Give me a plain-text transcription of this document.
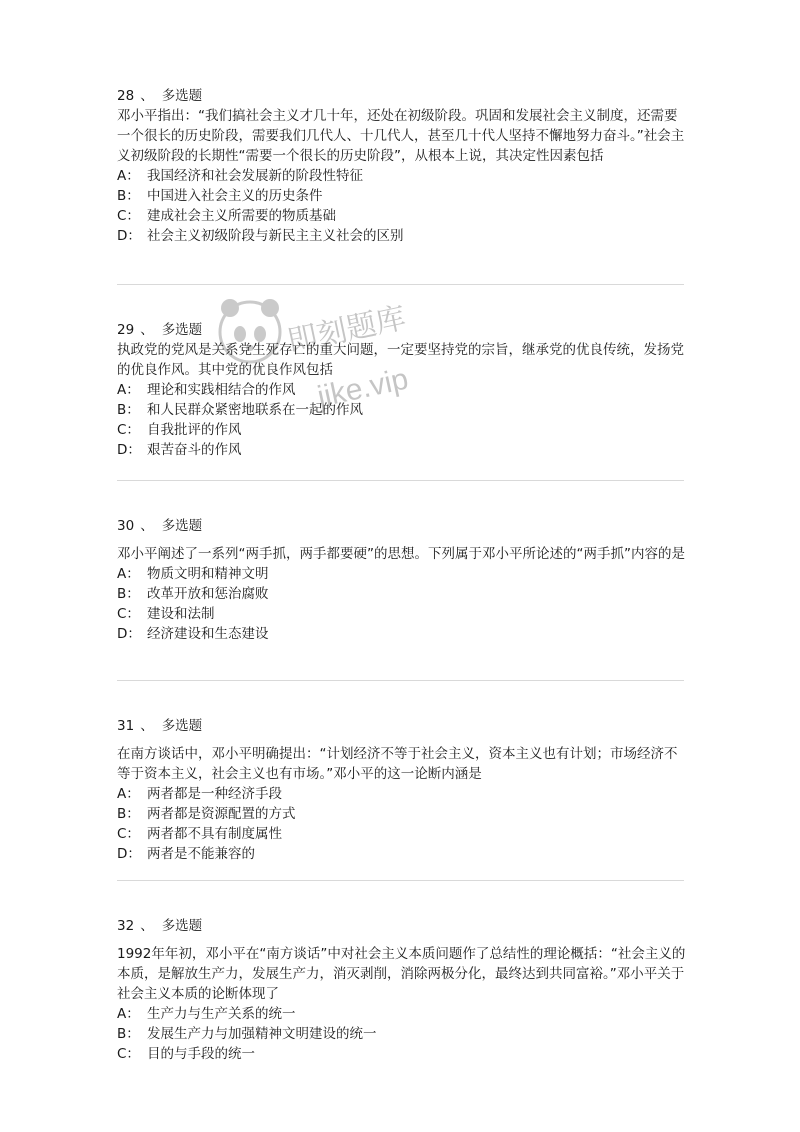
28 、 多选题

邓小平指出：“我们搞社会主义才几十年，还处在初级阶段。巩固和发展社会主义制度，还需要一个很长的历史阶段，需要我们几代人、十几代人，甚至几十代人坚持不懈地努力奋斗。”社会主义初级阶段的长期性“需要一个很长的历史阶段”，从根本上说，其决定性因素包括

A： 我国经济和社会发展新的阶段性特征
B： 中国进入社会主义的历史条件
C： 建成社会主义所需要的物质基础
D： 社会主义初级阶段与新民主主义社会的区别
29 、 多选题

执政党的党风是关系党生死存亡的重大问题，一定要坚持党的宗旨，继承党的优良传统，发扬党的优良作风。其中党的优良作风包括

A： 理论和实践相结合的作风
B： 和人民群众紧密地联系在一起的作风
C： 自我批评的作风
D： 艰苦奋斗的作风
30 、 多选题

邓小平阐述了一系列“两手抓，两手都要硬”的思想。下列属于邓小平所论述的“两手抓”内容的是

A： 物质文明和精神文明
B： 改革开放和惩治腐败
C： 建设和法制
D： 经济建设和生态建设
31 、 多选题

在南方谈话中，邓小平明确提出：“计划经济不等于社会主义，资本主义也有计划；市场经济不等于资本主义，社会主义也有市场。”邓小平的这一论断内涵是

A： 两者都是一种经济手段
B： 两者都是资源配置的方式
C： 两者都不具有制度属性
D： 两者是不能兼容的
32 、 多选题

1992年年初，邓小平在“南方谈话”中对社会主义本质问题作了总结性的理论概括：“社会主义的本质，是解放生产力，发展生产力，消灭剥削，消除两极分化，最终达到共同富裕。”邓小平关于社会主义本质的论断体现了

A： 生产力与生产关系的统一
B： 发展生产力与加强精神文明建设的统一
C： 目的与手段的统一
即刻题库
jike.vip
